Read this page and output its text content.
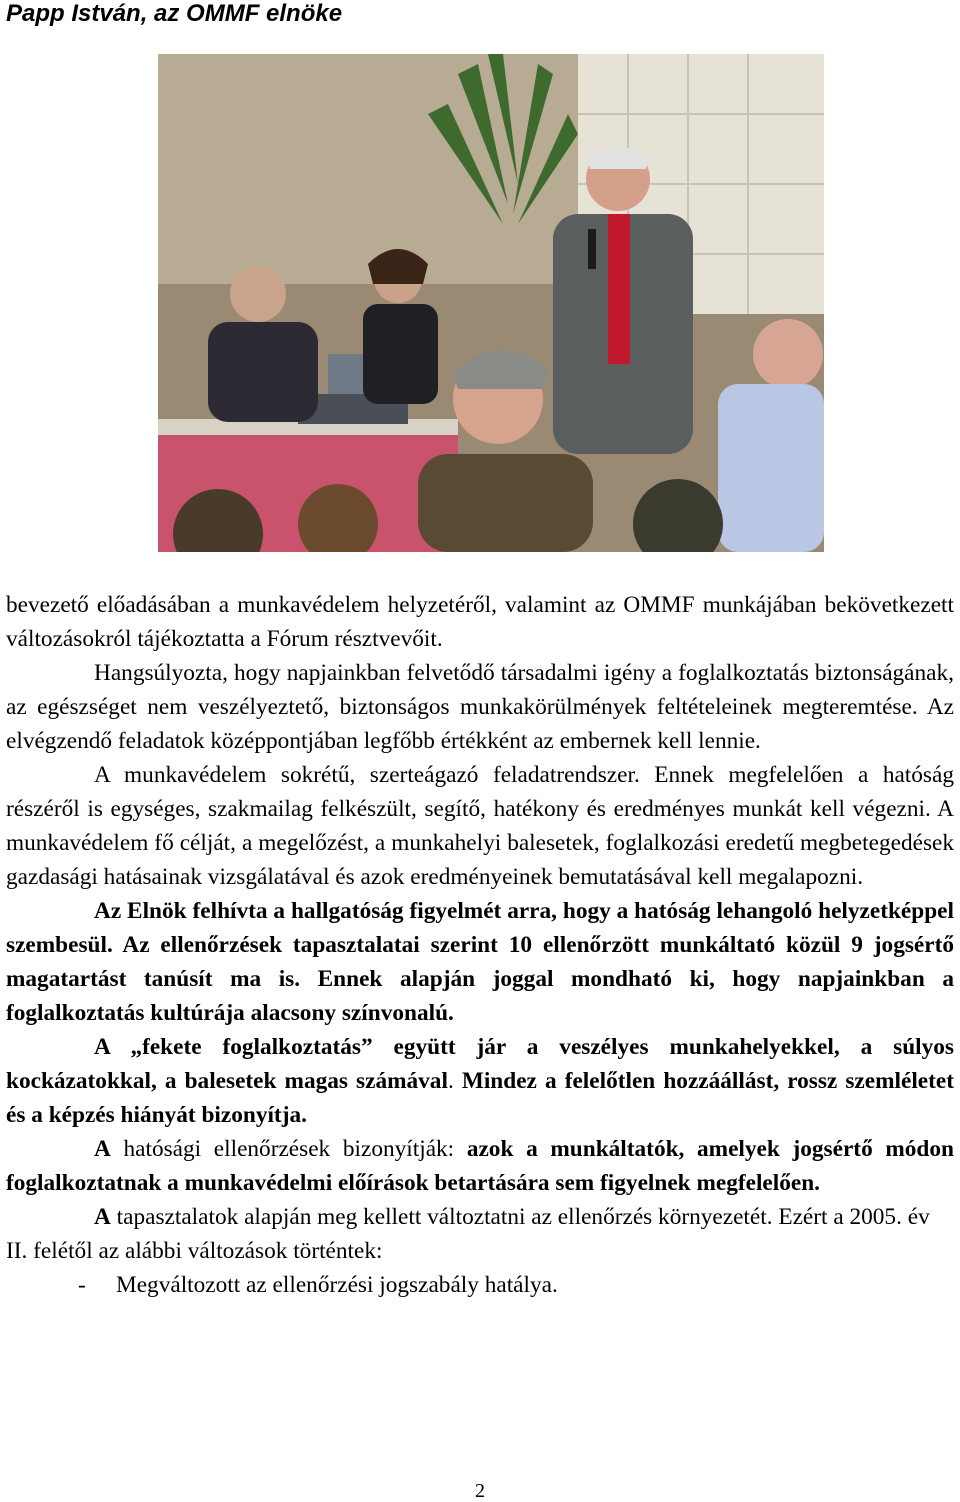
Papp István, az OMMF elnöke

bevezető előadásában a munkavédelem helyzetéről, valamint az OMMF munkájában bekövetkezett változásokról tájékoztatta a Fórum résztvevőit.

Hangsúlyozta, hogy napjainkban felvetődő társadalmi igény a foglalkoztatás biztonságának, az egészséget nem veszélyeztető, biztonságos munkakörülmények feltételeinek megteremtése. Az elvégzendő feladatok középpontjában legfőbb értékként az embernek kell lennie.

A munkavédelem sokrétű, szerteágazó feladatrendszer. Ennek megfelelően a hatóság részéről is egységes, szakmailag felkészült, segítő, hatékony és eredményes munkát kell végezni. A munkavédelem fő célját, a megelőzést, a munkahelyi balesetek, foglalkozási eredetű megbetegedések gazdasági hatásainak vizsgálatával és azok eredményeinek bemutatásával kell megalapozni.

Az Elnök felhívta a hallgatóság figyelmét arra, hogy a hatóság lehangoló helyzetképpel szembesül. Az ellenőrzések tapasztalatai szerint 10 ellenőrzött munkáltató közül 9 jogsértő magatartást tanúsít ma is. Ennek alapján joggal mondható ki, hogy napjainkban a foglalkoztatás kultúrája alacsony színvonalú.

A „fekete foglalkoztatás” együtt jár a veszélyes munkahelyekkel, a súlyos kockázatokkal, a balesetek magas számával. Mindez a felelőtlen hozzáállást, rossz szemléletet és a képzés hiányát bizonyítja.

A hatósági ellenőrzések bizonyítják: azok a munkáltatók, amelyek jogsértő módon foglalkoztatnak a munkavédelmi előírások betartására sem figyelnek megfelelően.

A tapasztalatok alapján meg kellett változtatni az ellenőrzés környezetét. Ezért a 2005. év II. felétől az alábbi változások történtek:

-	Megváltozott az ellenőrzési jogszabály hatálya.
2
